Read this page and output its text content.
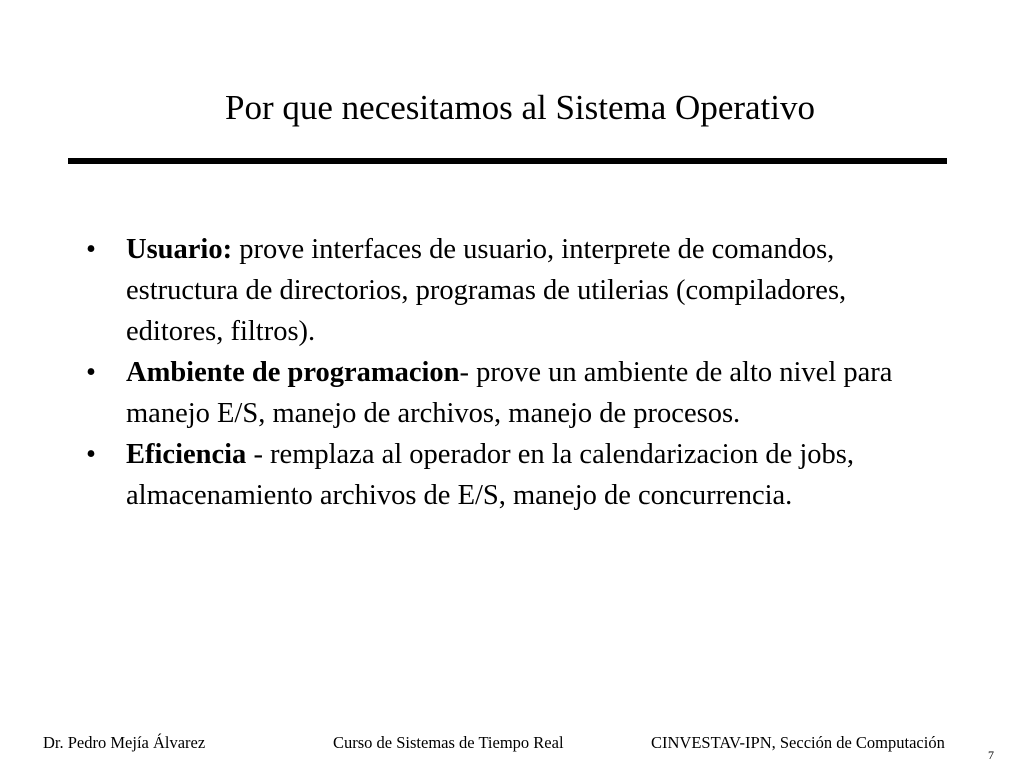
Por que necesitamos al Sistema Operativo
• Usuario: prove interfaces de usuario, interprete de comandos, estructura de directorios, programas de utilerias (compiladores, editores, filtros).
• Ambiente de programacion- prove un ambiente de alto nivel para manejo E/S, manejo de archivos, manejo de procesos.
• Eficiencia - remplaza al operador en la calendarizacion de jobs, almacenamiento archivos de E/S, manejo de concurrencia.
Dr. Pedro Mejía Álvarez	Curso de Sistemas de Tiempo Real	CINVESTAV-IPN, Sección de Computación
7
